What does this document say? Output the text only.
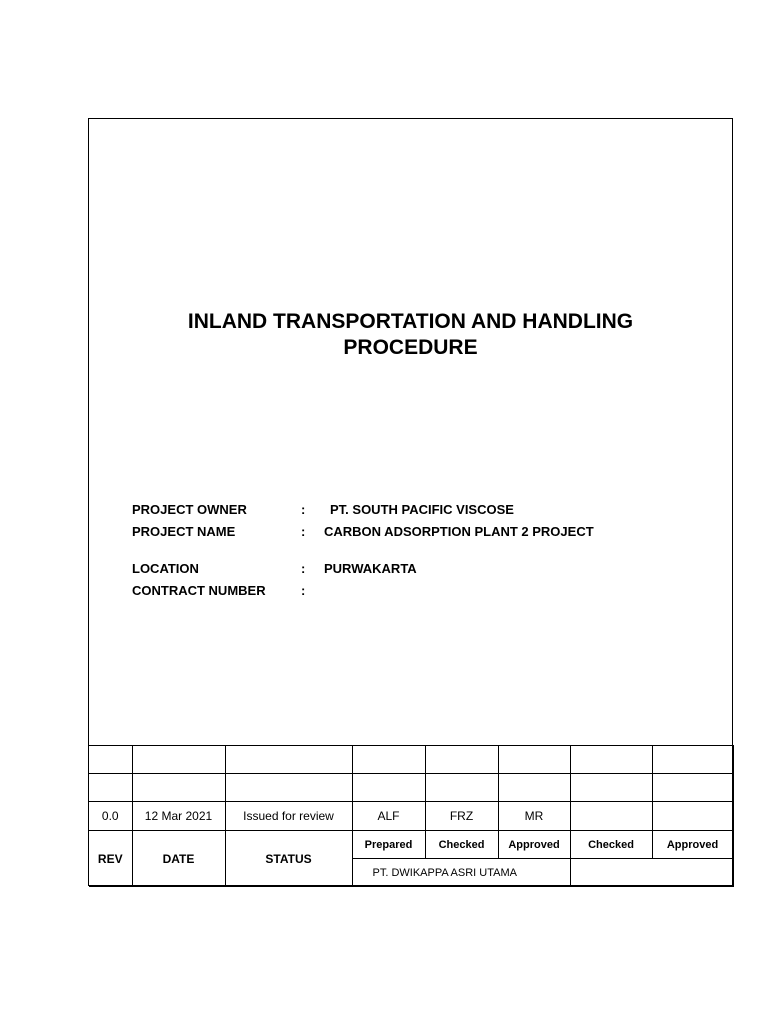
INLAND TRANSPORTATION AND HANDLING
PROCEDURE
PROJECT OWNER	: PT. SOUTH PACIFIC VISCOSE
PROJECT NAME	: CARBON ADSORPTION PLANT 2 PROJECT
LOCATION	: PURWAKARTA
CONTRACT NUMBER	:

0.0	12 Mar 2021	Issued for review	ALF	FRZ	MR		
REV	DATE	STATUS	Prepared	Checked	Approved	Checked	Approved
			PT. DWIKAPPA ASRI UTAMA				
